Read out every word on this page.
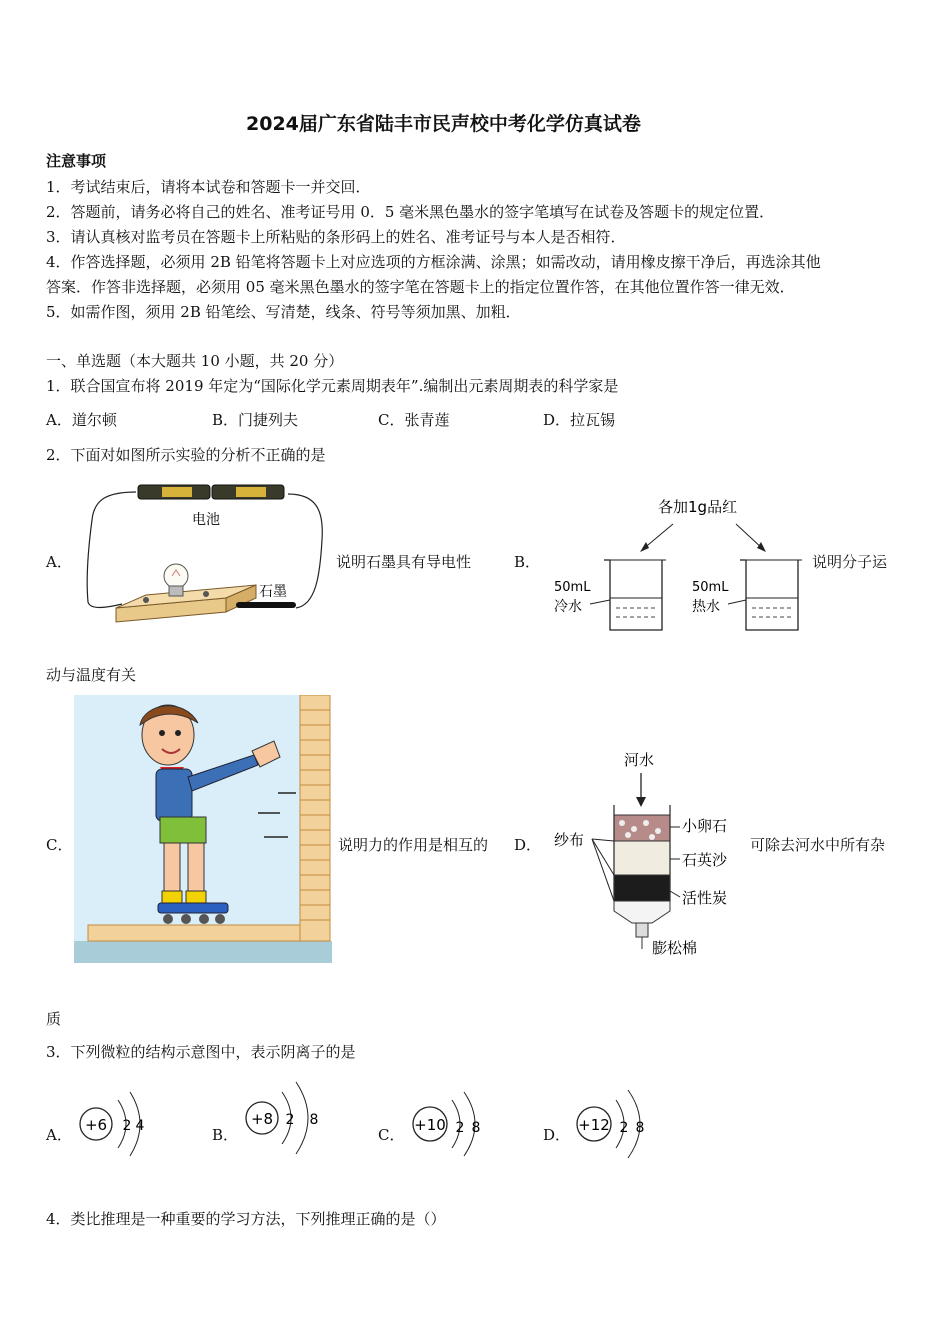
2024届广东省陆丰市民声校中考化学仿真试卷
注意事项
1．考试结束后，请将本试卷和答题卡一并交回．
2．答题前，请务必将自己的姓名、准考证号用 0．5 毫米黑色墨水的签字笔填写在试卷及答题卡的规定位置．
3．请认真核对监考员在答题卡上所粘贴的条形码上的姓名、准考证号与本人是否相符．
4．作答选择题，必须用 2B 铅笔将答题卡上对应选项的方框涂满、涂黑；如需改动，请用橡皮擦干净后，再选涂其他
答案．作答非选择题，必须用 05 毫米黑色墨水的签字笔在答题卡上的指定位置作答，在其他位置作答一律无效．
5．如需作图，须用 2B 铅笔绘、写清楚，线条、符号等须加黑、加粗．
一、单选题（本大题共 10 小题，共 20 分）
1．联合国宣布将 2019 年定为“国际化学元素周期表年”.编制出元素周期表的科学家是
A．道尔顿	B．门捷列夫	C．张青莲	D．拉瓦锡
2．下面对如图所示实验的分析不正确的是
A．
电池
石墨
说明石墨具有导电性	B．
各加1g品红
50mL
冷水
50mL
热水
说明分子运
动与温度有关
C．	说明力的作用是相互的 D．
河水
纱布
小卵石
石英沙
活性炭
膨松棉
可除去河水中所有杂
质
3．下列微粒的结构示意图中，表示阴离子的是
A．
+6 2 4	B．
+8 2 8
C．
+10 2 8	D．
+12 2 8
4．类比推理是一种重要的学习方法，下列推理正确的是（）
